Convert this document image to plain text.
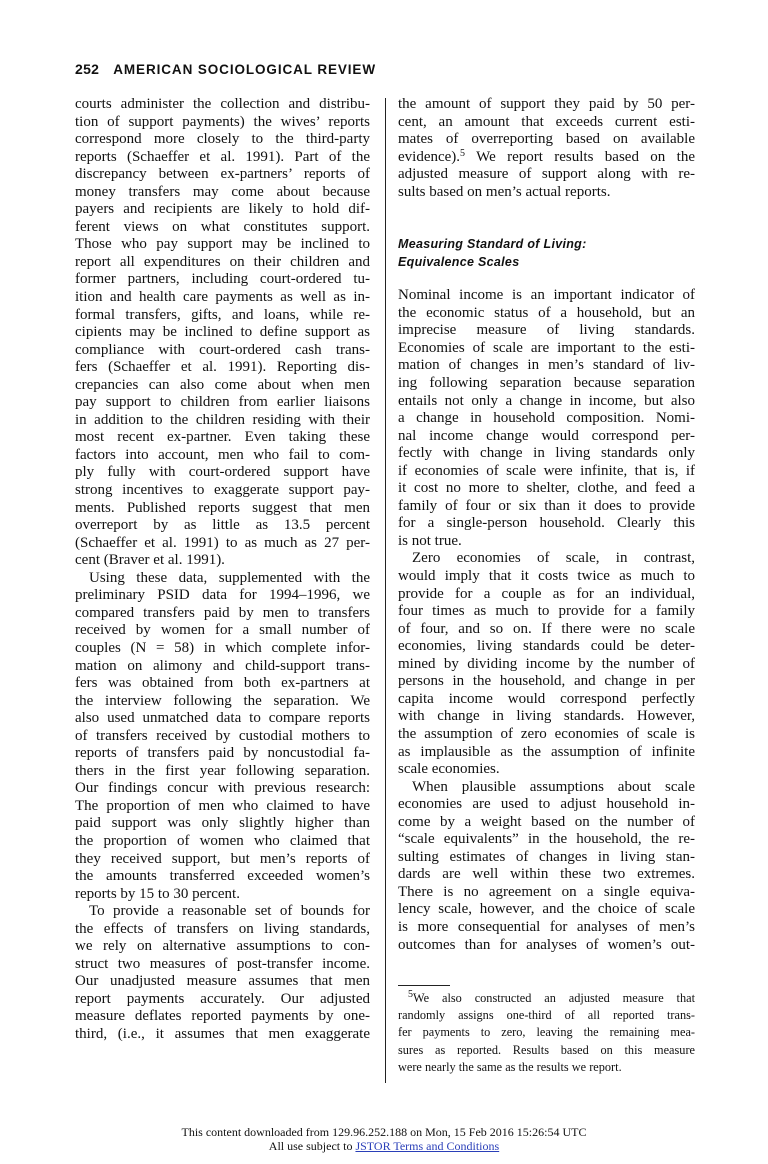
252 AMERICAN SOCIOLOGICAL REVIEW

courts administer the collection and distribu-
tion of support payments) the wives’ reports
correspond more closely to the third-party
reports (Schaeffer et al. 1991). Part of the
discrepancy between ex-partners’ reports of
money transfers may come about because
payers and recipients are likely to hold dif-
ferent views on what constitutes support.
Those who pay support may be inclined to
report all expenditures on their children and
former partners, including court-ordered tu-
ition and health care payments as well as in-
formal transfers, gifts, and loans, while re-
cipients may be inclined to define support as
compliance with court-ordered cash trans-
fers (Schaeffer et al. 1991). Reporting dis-
crepancies can also come about when men
pay support to children from earlier liaisons
in addition to the children residing with their
most recent ex-partner. Even taking these
factors into account, men who fail to com-
ply fully with court-ordered support have
strong incentives to exaggerate support pay-
ments. Published reports suggest that men
overreport by as little as 13.5 percent
(Schaeffer et al. 1991) to as much as 27 per-
cent (Braver et al. 1991).

Using these data, supplemented with the
preliminary PSID data for 1994–1996, we
compared transfers paid by men to transfers
received by women for a small number of
couples (N = 58) in which complete infor-
mation on alimony and child-support trans-
fers was obtained from both ex-partners at
the interview following the separation. We
also used unmatched data to compare reports
of transfers received by custodial mothers to
reports of transfers paid by noncustodial fa-
thers in the first year following separation.
Our findings concur with previous research:
The proportion of men who claimed to have
paid support was only slightly higher than
the proportion of women who claimed that
they received support, but men’s reports of
the amounts transferred exceeded women’s
reports by 15 to 30 percent.

To provide a reasonable set of bounds for
the effects of transfers on living standards,
we rely on alternative assumptions to con-
struct two measures of post-transfer income.
Our unadjusted measure assumes that men
report payments accurately. Our adjusted
measure deflates reported payments by one-
third, (i.e., it assumes that men exaggerate

the amount of support they paid by 50 per-
cent, an amount that exceeds current esti-
mates of overreporting based on available
evidence).$^5$ We report results based on the
adjusted measure of support along with re-
sults based on men’s actual reports.

Measuring Standard of Living:
Equivalence Scales

Nominal income is an important indicator of
the economic status of a household, but an
imprecise measure of living standards.
Economies of scale are important to the esti-
mation of changes in men’s standard of liv-
ing following separation because separation
entails not only a change in income, but also
a change in household composition. Nomi-
nal income change would correspond per-
fectly with change in living standards only
if economies of scale were infinite, that is, if
it cost no more to shelter, clothe, and feed a
family of four or six than it does to provide
for a single-person household. Clearly this
is not true.

Zero economies of scale, in contrast,
would imply that it costs twice as much to
provide for a couple as for an individual,
four times as much to provide for a family
of four, and so on. If there were no scale
economies, living standards could be deter-
mined by dividing income by the number of
persons in the household, and change in per
capita income would correspond perfectly
with change in living standards. However,
the assumption of zero economies of scale is
as implausible as the assumption of infinite
scale economies.

When plausible assumptions about scale
economies are used to adjust household in-
come by a weight based on the number of
“scale equivalents” in the household, the re-
sulting estimates of changes in living stan-
dards are well within these two extremes.
There is no agreement on a single equiva-
lency scale, however, and the choice of scale
is more consequential for analyses of men’s
outcomes than for analyses of women’s out-

$^5$We also constructed an adjusted measure that
randomly assigns one-third of all reported trans-
fer payments to zero, leaving the remaining mea-
sures as reported. Results based on this measure
were nearly the same as the results we report.
This content downloaded from 129.96.252.188 on Mon, 15 Feb 2016 15:26:54 UTC
All use subject to JSTOR Terms and Conditions
